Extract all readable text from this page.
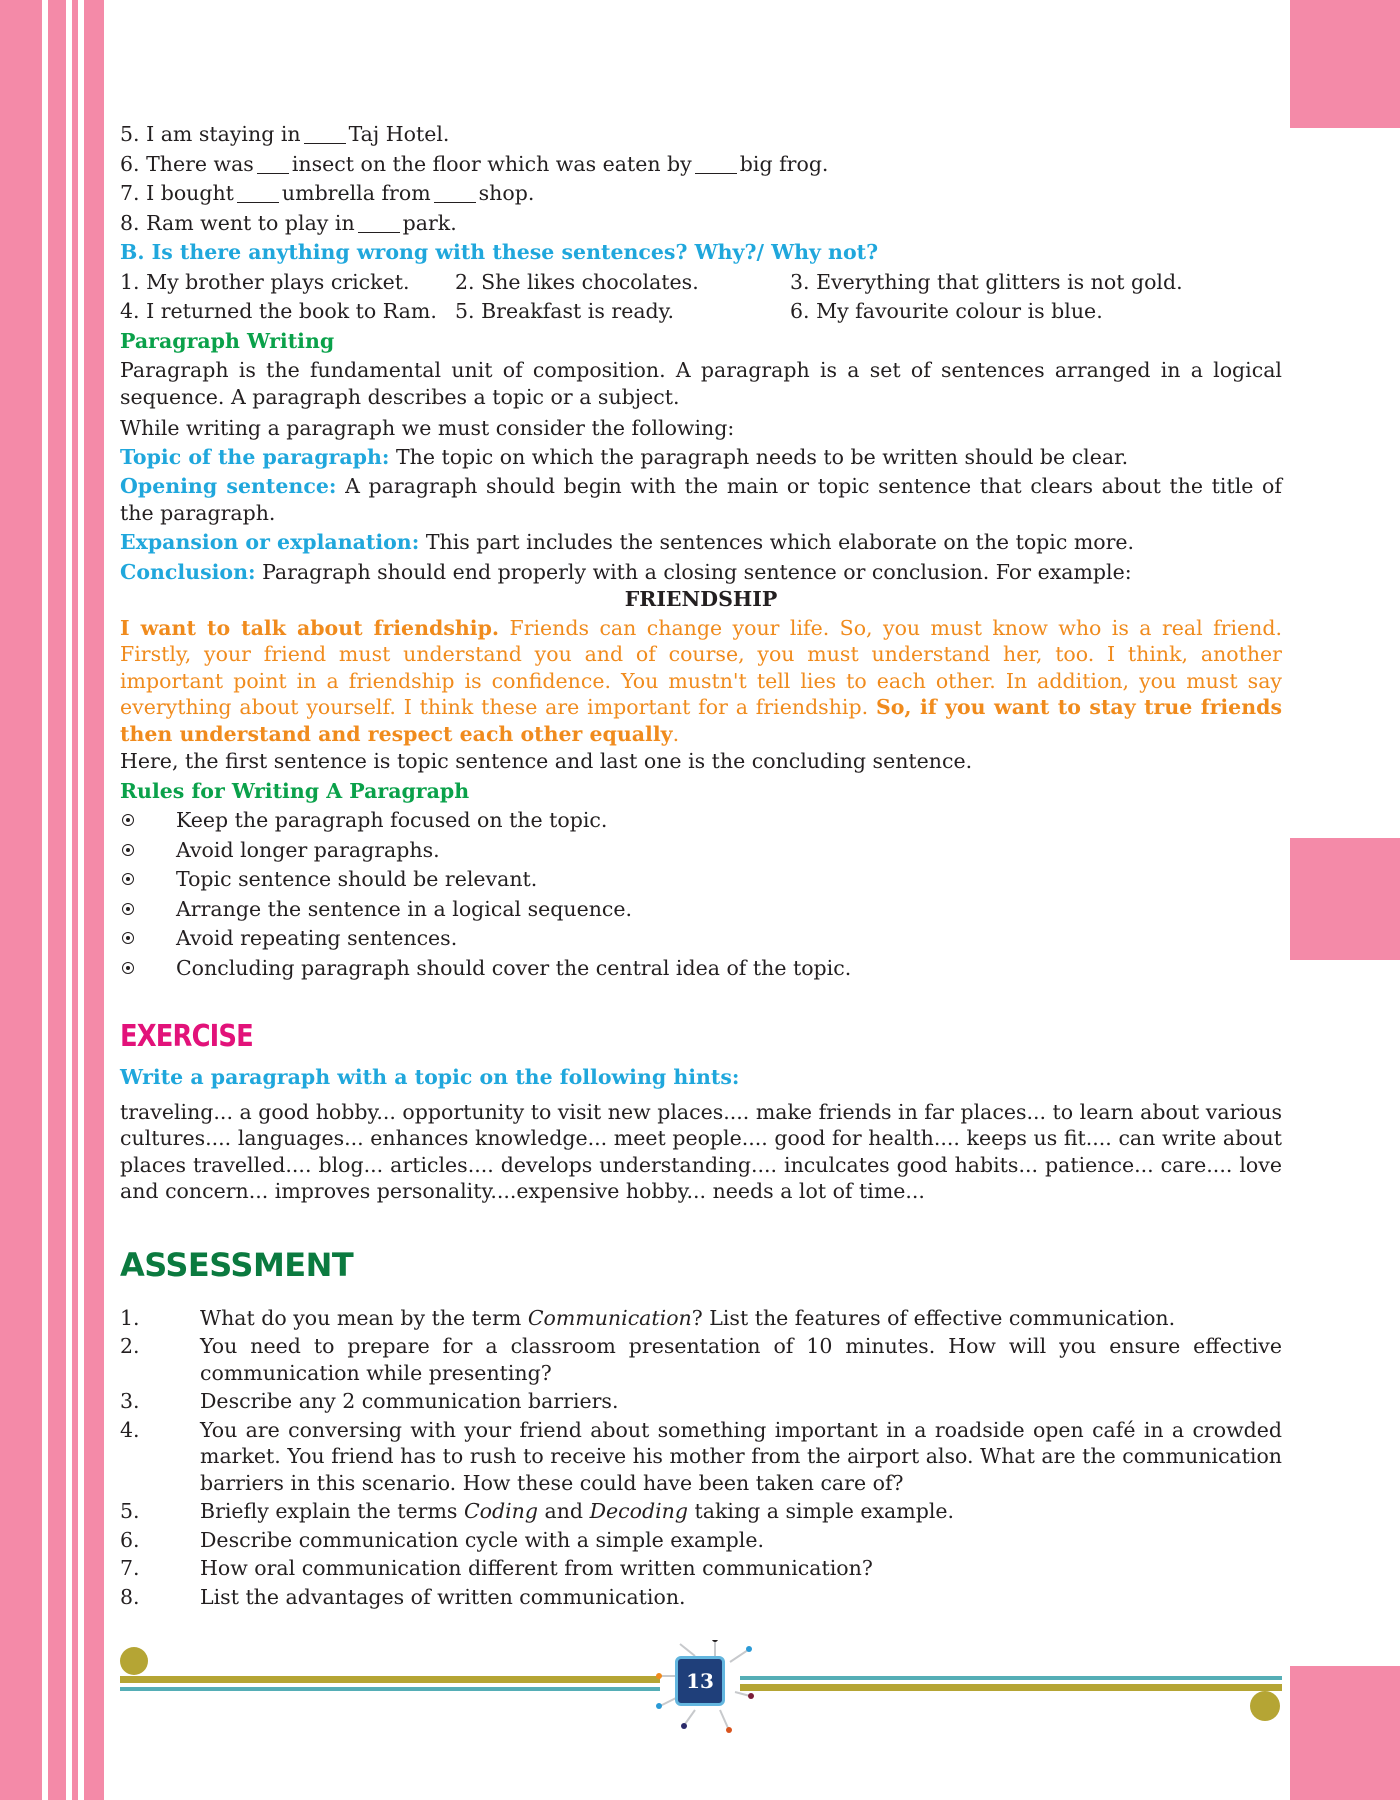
5. I am staying in Taj Hotel.
6. There was insect on the floor which was eaten by big frog.
7. I bought umbrella from shop.
8. Ram went to play in park.
B. Is there anything wrong with these sentences? Why?/ Why not?
1. My brother plays cricket.	2. She likes chocolates.	3. Everything that glitters is not gold.
4. I returned the book to Ram. 5. Breakfast is ready.	6. My favourite colour is blue.
Paragraph Writing
Paragraph is the fundamental unit of composition. A paragraph is a set of sentences arranged in a logical sequence. A paragraph describes a topic or a subject.
While writing a paragraph we must consider the following:
Topic of the paragraph: The topic on which the paragraph needs to be written should be clear.
Opening sentence: A paragraph should begin with the main or topic sentence that clears about the title of the paragraph.
Expansion or explanation: This part includes the sentences which elaborate on the topic more.
Conclusion: Paragraph should end properly with a closing sentence or conclusion. For example:
FRIENDSHIP
I want to talk about friendship. Friends can change your life. So, you must know who is a real friend. Firstly, your friend must understand you and of course, you must understand her, too. I think, another important point in a friendship is confidence. You mustn't tell lies to each other. In addition, you must say everything about yourself. I think these are important for a friendship. So, if you want to stay true friends then understand and respect each other equally.
Here, the first sentence is topic sentence and last one is the concluding sentence.
Rules for Writing A Paragraph
Keep the paragraph focused on the topic.
Avoid longer paragraphs.
Topic sentence should be relevant.
Arrange the sentence in a logical sequence.
Avoid repeating sentences.
Concluding paragraph should cover the central idea of the topic.
EXERCISE
Write a paragraph with a topic on the following hints:
traveling... a good hobby... opportunity to visit new places.... make friends in far places... to learn about various cultures.... languages... enhances knowledge... meet people.... good for health.... keeps us fit.... can write about places travelled.... blog... articles.... develops understanding.... inculcates good habits... patience... care.... love and concern... improves personality....expensive hobby... needs a lot of time...
ASSESSMENT
1.	What do you mean by the term Communication? List the features of effective communication.
2.	You need to prepare for a classroom presentation of 10 minutes. How will you ensure effective communication while presenting?
3.	Describe any 2 communication barriers.
4.	You are conversing with your friend about something important in a roadside open café in a crowded market. You friend has to rush to receive his mother from the airport also. What are the communication barriers in this scenario. How these could have been taken care of?
5.	Briefly explain the terms Coding and Decoding taking a simple example.
6.	Describe communication cycle with a simple example.
7.	How oral communication different from written communication?
8.	List the advantages of written communication.
13
